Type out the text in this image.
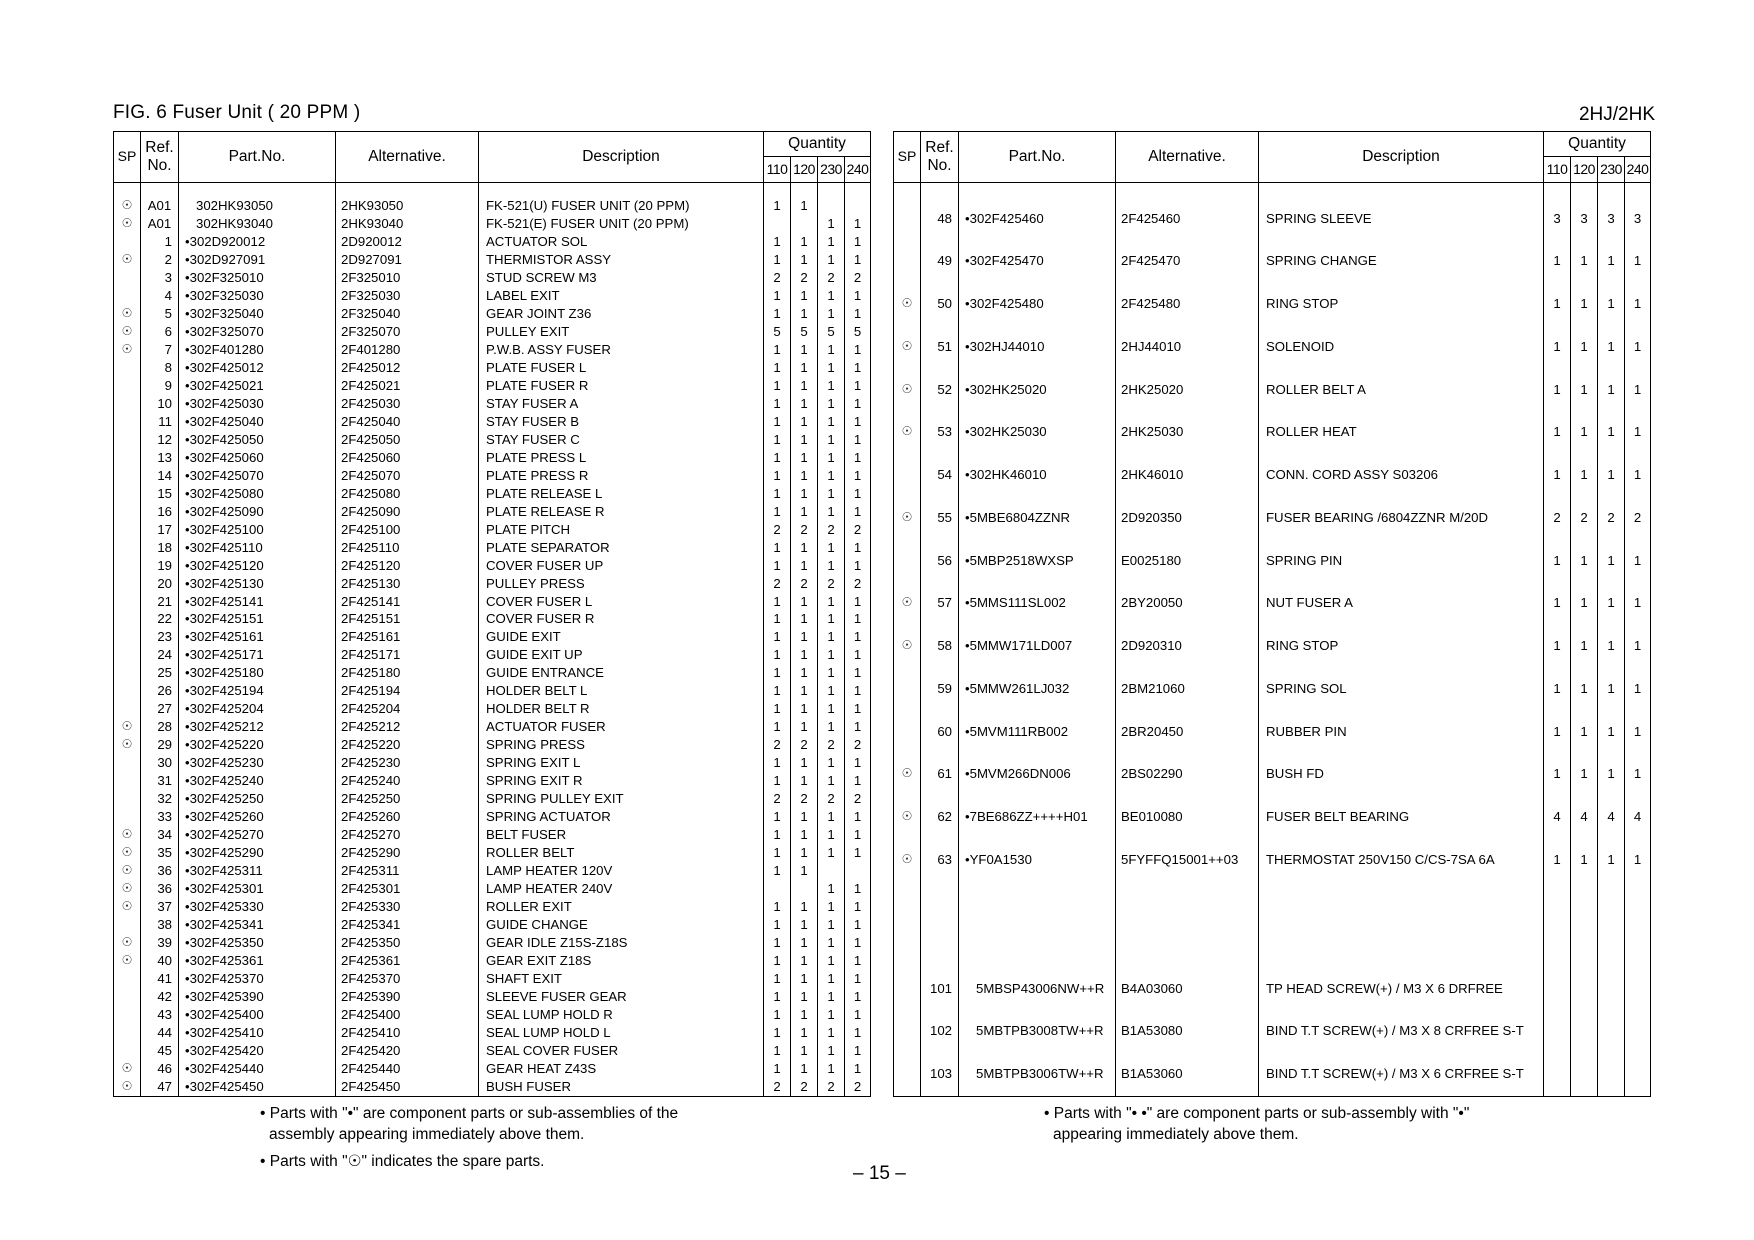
FIG. 6 Fuser Unit ( 20 PPM )	2HJ/2HK
SP	Ref.
No.	Part.No.	Alternative.	Description	Quantity			
					110	120	230	240

☉	A01	302HK93050	2HK93050	FK-521(U) FUSER UNIT (20 PPM)	1	1		
☉	A01	302HK93040	2HK93040	FK-521(E) FUSER UNIT (20 PPM)			1	1
	1	•302D920012	2D920012	ACTUATOR SOL	1	1	1	1
☉	2	•302D927091	2D927091	THERMISTOR ASSY	1	1	1	1
	3	•302F325010	2F325010	STUD SCREW M3	2	2	2	2
	4	•302F325030	2F325030	LABEL EXIT	1	1	1	1
☉	5	•302F325040	2F325040	GEAR JOINT Z36	1	1	1	1
☉	6	•302F325070	2F325070	PULLEY EXIT	5	5	5	5
☉	7	•302F401280	2F401280	P.W.B. ASSY FUSER	1	1	1	1
	8	•302F425012	2F425012	PLATE FUSER L	1	1	1	1
	9	•302F425021	2F425021	PLATE FUSER R	1	1	1	1
	10	•302F425030	2F425030	STAY FUSER A	1	1	1	1
	11	•302F425040	2F425040	STAY FUSER B	1	1	1	1
	12	•302F425050	2F425050	STAY FUSER C	1	1	1	1
	13	•302F425060	2F425060	PLATE PRESS L	1	1	1	1
	14	•302F425070	2F425070	PLATE PRESS R	1	1	1	1
	15	•302F425080	2F425080	PLATE RELEASE L	1	1	1	1
	16	•302F425090	2F425090	PLATE RELEASE R	1	1	1	1
	17	•302F425100	2F425100	PLATE PITCH	2	2	2	2
	18	•302F425110	2F425110	PLATE SEPARATOR	1	1	1	1
	19	•302F425120	2F425120	COVER FUSER UP	1	1	1	1
	20	•302F425130	2F425130	PULLEY PRESS	2	2	2	2
	21	•302F425141	2F425141	COVER FUSER L	1	1	1	1
	22	•302F425151	2F425151	COVER FUSER R	1	1	1	1
	23	•302F425161	2F425161	GUIDE EXIT	1	1	1	1
	24	•302F425171	2F425171	GUIDE EXIT UP	1	1	1	1
	25	•302F425180	2F425180	GUIDE ENTRANCE	1	1	1	1
	26	•302F425194	2F425194	HOLDER BELT L	1	1	1	1
	27	•302F425204	2F425204	HOLDER BELT R	1	1	1	1
☉	28	•302F425212	2F425212	ACTUATOR FUSER	1	1	1	1
☉	29	•302F425220	2F425220	SPRING PRESS	2	2	2	2
	30	•302F425230	2F425230	SPRING EXIT L	1	1	1	1
	31	•302F425240	2F425240	SPRING EXIT R	1	1	1	1
	32	•302F425250	2F425250	SPRING PULLEY EXIT	2	2	2	2
	33	•302F425260	2F425260	SPRING ACTUATOR	1	1	1	1
☉	34	•302F425270	2F425270	BELT FUSER	1	1	1	1
☉	35	•302F425290	2F425290	ROLLER BELT	1	1	1	1
☉	36	•302F425311	2F425311	LAMP HEATER 120V	1	1		
☉	36	•302F425301	2F425301	LAMP HEATER 240V			1	1
☉	37	•302F425330	2F425330	ROLLER EXIT	1	1	1	1
	38	•302F425341	2F425341	GUIDE CHANGE	1	1	1	1
☉	39	•302F425350	2F425350	GEAR IDLE Z15S-Z18S	1	1	1	1
☉	40	•302F425361	2F425361	GEAR EXIT Z18S	1	1	1	1
	41	•302F425370	2F425370	SHAFT EXIT	1	1	1	1
	42	•302F425390	2F425390	SLEEVE FUSER GEAR	1	1	1	1
	43	•302F425400	2F425400	SEAL LUMP HOLD R	1	1	1	1
	44	•302F425410	2F425410	SEAL LUMP HOLD L	1	1	1	1
	45	•302F425420	2F425420	SEAL COVER FUSER	1	1	1	1
☉	46	•302F425440	2F425440	GEAR HEAT Z43S	1	1	1	1
☉	47	•302F425450	2F425450	BUSH FUSER	2	2	2	2

SP	Ref.
No.	Part.No.	Alternative.	Description	Quantity			
					110	120	230	240

	48	•302F425460	2F425460	SPRING SLEEVE	3	3	3	3
	49	•302F425470	2F425470	SPRING CHANGE	1	1	1	1
☉	50	•302F425480	2F425480	RING STOP	1	1	1	1
☉	51	•302HJ44010	2HJ44010	SOLENOID	1	1	1	1
☉	52	•302HK25020	2HK25020	ROLLER BELT A	1	1	1	1
☉	53	•302HK25030	2HK25030	ROLLER HEAT	1	1	1	1
	54	•302HK46010	2HK46010	CONN. CORD ASSY S03206	1	1	1	1
☉	55	•5MBE6804ZZNR	2D920350	FUSER BEARING /6804ZZNR M/20D	2	2	2	2
	56	•5MBP2518WXSP	E0025180	SPRING PIN	1	1	1	1
☉	57	•5MMS111SL002	2BY20050	NUT FUSER A	1	1	1	1
☉	58	•5MMW171LD007	2D920310	RING STOP	1	1	1	1
	59	•5MMW261LJ032	2BM21060	SPRING SOL	1	1	1	1
	60	•5MVM111RB002	2BR20450	RUBBER PIN	1	1	1	1
☉	61	•5MVM266DN006	2BS02290	BUSH FD	1	1	1	1
☉	62	•7BE686ZZ++++H01	BE010080	FUSER BELT BEARING	4	4	4	4
☉	63	•YF0A1530	5FYFFQ15001++03	THERMOSTAT 250V150 C/CS-7SA 6A	1	1	1	1

	101	5MBSP43006NW++R	B4A03060	TP HEAD SCREW(+) / M3 X 6 DRFREE				
	102	5MBTPB3008TW++R	B1A53080	BIND T.T SCREW(+) / M3 X 8 CRFREE S-T				
	103	5MBTPB3006TW++R	B1A53060	BIND T.T SCREW(+) / M3 X 6 CRFREE S-T				

• Parts with "•" are component parts or sub-assemblies of the
assembly appearing immediately above them.
• Parts with "☉" indicates the spare parts.
• Parts with "• •" are component parts or sub-assembly with "•"
appearing immediately above them.
– 15 –
